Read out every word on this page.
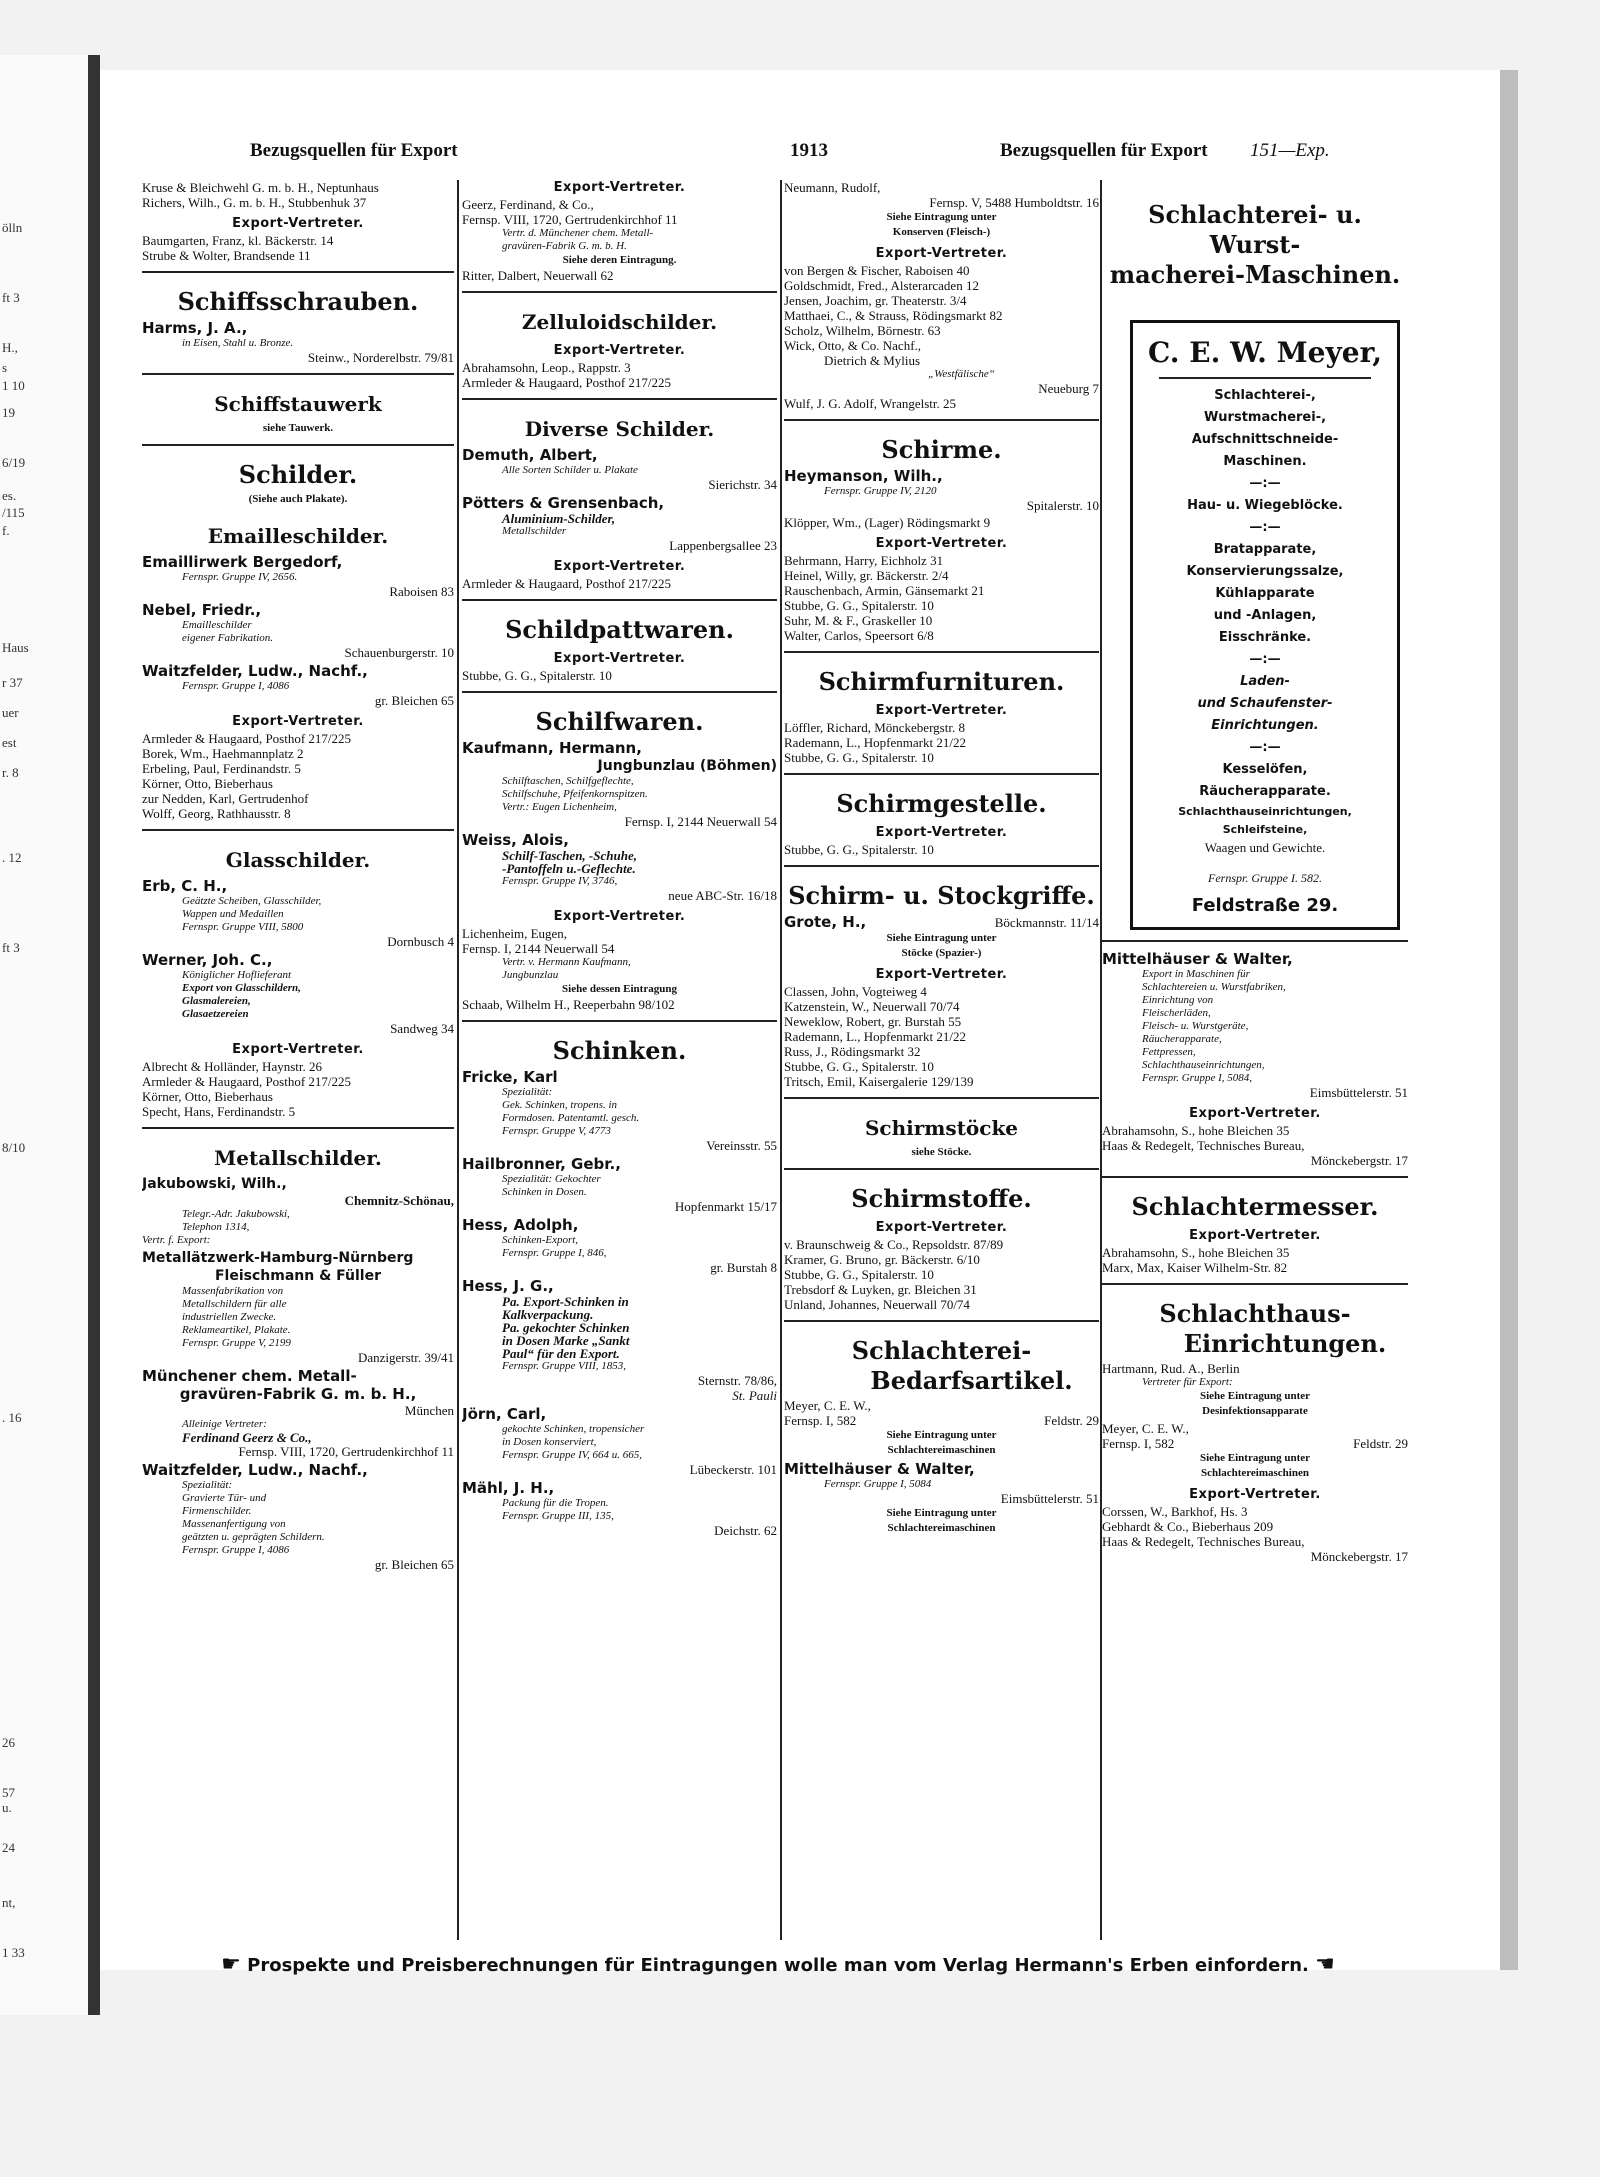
ölln
ft 3
H.,
s
1 10
19
6/19
es.
/115
f.
Haus
r 37
uer
est
r. 8
. 12
ft 3
8/10
. 16
26
57
u.
24
nt,
1 33
Bezugsquellen für Export	1913	Bezugsquellen für Export 151—Exp.
Kruse & Bleichwehl G. m. b. H., Neptunhaus
Richers, Wilh., G. m. b. H., Stubbenhuk 37
Export-Vertreter.
Baumgarten, Franz, kl. Bäckerstr. 14
Strube & Wolter, Brandsende 11
Schiffsschrauben.
Harms, J. A.,
in Eisen, Stahl u. Bronze.
Steinw., Norderelbstr. 79/81
Schiffstauwerk
siehe Tauwerk.
Schilder.
(Siehe auch Plakate).
Emailleschilder.
Emaillirwerk Bergedorf,
Fernspr. Gruppe IV, 2656.
Raboisen 83
Nebel, Friedr.,
Emailleschilder
eigener Fabrikation.
Schauenburgerstr. 10
Waitzfelder, Ludw., Nachf.,
Fernspr. Gruppe I, 4086
gr. Bleichen 65
Export-Vertreter.
Armleder & Haugaard, Posthof 217/225
Borek, Wm., Haehmannplatz 2
Erbeling, Paul, Ferdinandstr. 5
Körner, Otto, Bieberhaus
zur Nedden, Karl, Gertrudenhof
Wolff, Georg, Rathhausstr. 8
Glasschilder.
Erb, C. H.,
Geätzte Scheiben, Glasschilder,
Wappen und Medaillen
Fernspr. Gruppe VIII, 5800
Dornbusch 4
Werner, Joh. C.,
Königlicher Hoflieferant
Export von Glasschildern,
Glasmalereien,
Glasaetzereien
Sandweg 34
Export-Vertreter.
Albrecht & Holländer, Haynstr. 26
Armleder & Haugaard, Posthof 217/225
Körner, Otto, Bieberhaus
Specht, Hans, Ferdinandstr. 5
Metallschilder.
Jakubowski, Wilh.,
Chemnitz-Schönau,
Telegr.-Adr. Jakubowski,
Telephon 1314,
Vertr. f. Export:
Metallätzwerk-Hamburg-Nürnberg
Fleischmann & Füller
Massenfabrikation von
Metallschildern für alle
industriellen Zwecke.
Reklameartikel, Plakate.
Fernspr. Gruppe V, 2199
Danzigerstr. 39/41
Münchener chem. Metall-
gravüren-Fabrik G. m. b. H.,
München
Alleinige Vertreter:
Ferdinand Geerz & Co.,
Fernsp. VIII, 1720, Gertrudenkirchhof 11
Waitzfelder, Ludw., Nachf.,
Spezialität:
Gravierte Tür- und
Firmenschilder.
Massenanfertigung von
geätzten u. geprägten Schildern.
Fernspr. Gruppe I, 4086
gr. Bleichen 65
Export-Vertreter.
Geerz, Ferdinand, & Co.,
Fernsp. VIII, 1720, Gertrudenkirchhof 11
Vertr. d. Münchener chem. Metall-
gravüren-Fabrik G. m. b. H.
Siehe deren Eintragung.
Ritter, Dalbert, Neuerwall 62
Zelluloidschilder.
Export-Vertreter.
Abrahamsohn, Leop., Rappstr. 3
Armleder & Haugaard, Posthof 217/225
Diverse Schilder.
Demuth, Albert,
Alle Sorten Schilder u. Plakate
Sierichstr. 34
Pötters & Grensenbach,
Aluminium-Schilder,
Metallschilder
Lappenbergsallee 23
Export-Vertreter.
Armleder & Haugaard, Posthof 217/225
Schildpattwaren.
Export-Vertreter.
Stubbe, G. G., Spitalerstr. 10
Schilfwaren.
Kaufmann, Hermann,
Jungbunzlau (Böhmen)
Schilftaschen, Schilfgeflechte,
Schilfschuhe, Pfeifenkornspitzen.
Vertr.: Eugen Lichenheim,
Fernsp. I, 2144 Neuerwall 54
Weiss, Alois,
Schilf-Taschen, -Schuhe,
-Pantoffeln u.-Geflechte.
Fernspr. Gruppe IV, 3746,
neue ABC-Str. 16/18
Export-Vertreter.
Lichenheim, Eugen,
Fernsp. I, 2144 Neuerwall 54
Vertr. v. Hermann Kaufmann,
Jungbunzlau
Siehe dessen Eintragung
Schaab, Wilhelm H., Reeperbahn 98/102
Schinken.
Fricke, Karl
Spezialität:
Gek. Schinken, tropens. in
Formdosen. Patentamtl. gesch.
Fernspr. Gruppe V, 4773
Vereinsstr. 55
Hailbronner, Gebr.,
Spezialität: Gekochter
Schinken in Dosen.
Hopfenmarkt 15/17
Hess, Adolph,
Schinken-Export,
Fernspr. Gruppe I, 846,
gr. Burstah 8
Hess, J. G.,
Pa. Export-Schinken in
Kalkverpackung.
Pa. gekochter Schinken
in Dosen Marke „Sankt
Paul“ für den Export.
Fernspr. Gruppe VIII, 1853,
Sternstr. 78/86,
St. Pauli
Jörn, Carl,
gekochte Schinken, tropensicher
in Dosen konserviert,
Fernspr. Gruppe IV, 664 u. 665,
Lübeckerstr. 101
Mähl, J. H.,
Packung für die Tropen.
Fernspr. Gruppe III, 135,
Deichstr. 62
Neumann, Rudolf,
Fernsp. V, 5488 Humboldtstr. 16
Siehe Eintragung unter
Konserven (Fleisch-)
Export-Vertreter.
von Bergen & Fischer, Raboisen 40
Goldschmidt, Fred., Alsterarcaden 12
Jensen, Joachim, gr. Theaterstr. 3/4
Matthaei, C., & Strauss, Rödingsmarkt 82
Scholz, Wilhelm, Börnestr. 63
Wick, Otto, & Co. Nachf.,
Dietrich & Mylius
„Westfälische“
Neueburg 7
Wulf, J. G. Adolf, Wrangelstr. 25
Schirme.
Heymanson, Wilh.,
Fernspr. Gruppe IV, 2120
Spitalerstr. 10
Klöpper, Wm., (Lager) Rödingsmarkt 9
Export-Vertreter.
Behrmann, Harry, Eichholz 31
Heinel, Willy, gr. Bäckerstr. 2/4
Rauschenbach, Armin, Gänsemarkt 21
Stubbe, G. G., Spitalerstr. 10
Suhr, M. & F., Graskeller 10
Walter, Carlos, Speersort 6/8
Schirmfurnituren.
Export-Vertreter.
Löffler, Richard, Mönckebergstr. 8
Rademann, L., Hopfenmarkt 21/22
Stubbe, G. G., Spitalerstr. 10
Schirmgestelle.
Export-Vertreter.
Stubbe, G. G., Spitalerstr. 10
Schirm- u. Stockgriffe.
Grote, H.,	Böckmannstr. 11/14
Siehe Eintragung unter
Stöcke (Spazier-)
Export-Vertreter.
Classen, John, Vogteiweg 4
Katzenstein, W., Neuerwall 70/74
Neweklow, Robert, gr. Burstah 55
Rademann, L., Hopfenmarkt 21/22
Russ, J., Rödingsmarkt 32
Stubbe, G. G., Spitalerstr. 10
Tritsch, Emil, Kaisergalerie 129/139
Schirmstöcke
siehe Stöcke.
Schirmstoffe.
Export-Vertreter.
v. Braunschweig & Co., Repsoldstr. 87/89
Kramer, G. Bruno, gr. Bäckerstr. 6/10
Stubbe, G. G., Spitalerstr. 10
Trebsdorf & Luyken, gr. Bleichen 31
Unland, Johannes, Neuerwall 70/74
Schlachterei-
Bedarfsartikel.
Meyer, C. E. W.,
Fernsp. I, 582	Feldstr. 29
Siehe Eintragung unter
Schlachtereimaschinen
Mittelhäuser & Walter,
Fernspr. Gruppe I, 5084
Eimsbüttelerstr. 51
Siehe Eintragung unter
Schlachtereimaschinen
Schlachterei- u. Wurst-
macherei-Maschinen.
C. E. W. Meyer,
Schlachterei-,
Wurstmacherei-,
Aufschnittschneide-
Maschinen.
—:—
Hau- u. Wiegeblöcke.
—:—
Bratapparate,
Konservierungssalze,
Kühlapparate
und -Anlagen,
Eisschränke.
—:—
Laden-
und Schaufenster-
Einrichtungen.
—:—
Kesselöfen,
Räucherapparate.
Schlachthauseinrichtungen,
Schleifsteine,
Waagen und Gewichte.
Fernspr. Gruppe I. 582.
Feldstraße 29.
Mittelhäuser & Walter,
Export in Maschinen für
Schlachtereien u. Wurstfabriken,
Einrichtung von
Fleischerläden,
Fleisch- u. Wurstgeräte,
Räucherapparate,
Fettpressen,
Schlachthauseinrichtungen,
Fernspr. Gruppe I, 5084,
Eimsbüttelerstr. 51
Export-Vertreter.
Abrahamsohn, S., hohe Bleichen 35
Haas & Redegelt, Technisches Bureau,
Mönckebergstr. 17
Schlachtermesser.
Export-Vertreter.
Abrahamsohn, S., hohe Bleichen 35
Marx, Max, Kaiser Wilhelm-Str. 82
Schlachthaus-
Einrichtungen.
Hartmann, Rud. A., Berlin
Vertreter für Export:
Siehe Eintragung unter
Desinfektionsapparate
Meyer, C. E. W.,
Fernsp. I, 582	Feldstr. 29
Siehe Eintragung unter
Schlachtereimaschinen
Export-Vertreter.
Corssen, W., Barkhof, Hs. 3
Gebhardt & Co., Bieberhaus 209
Haas & Redegelt, Technisches Bureau,
Mönckebergstr. 17
☛ Prospekte und Preisberechnungen für Eintragungen wolle man vom Verlag Hermann's Erben einfordern. ☚
